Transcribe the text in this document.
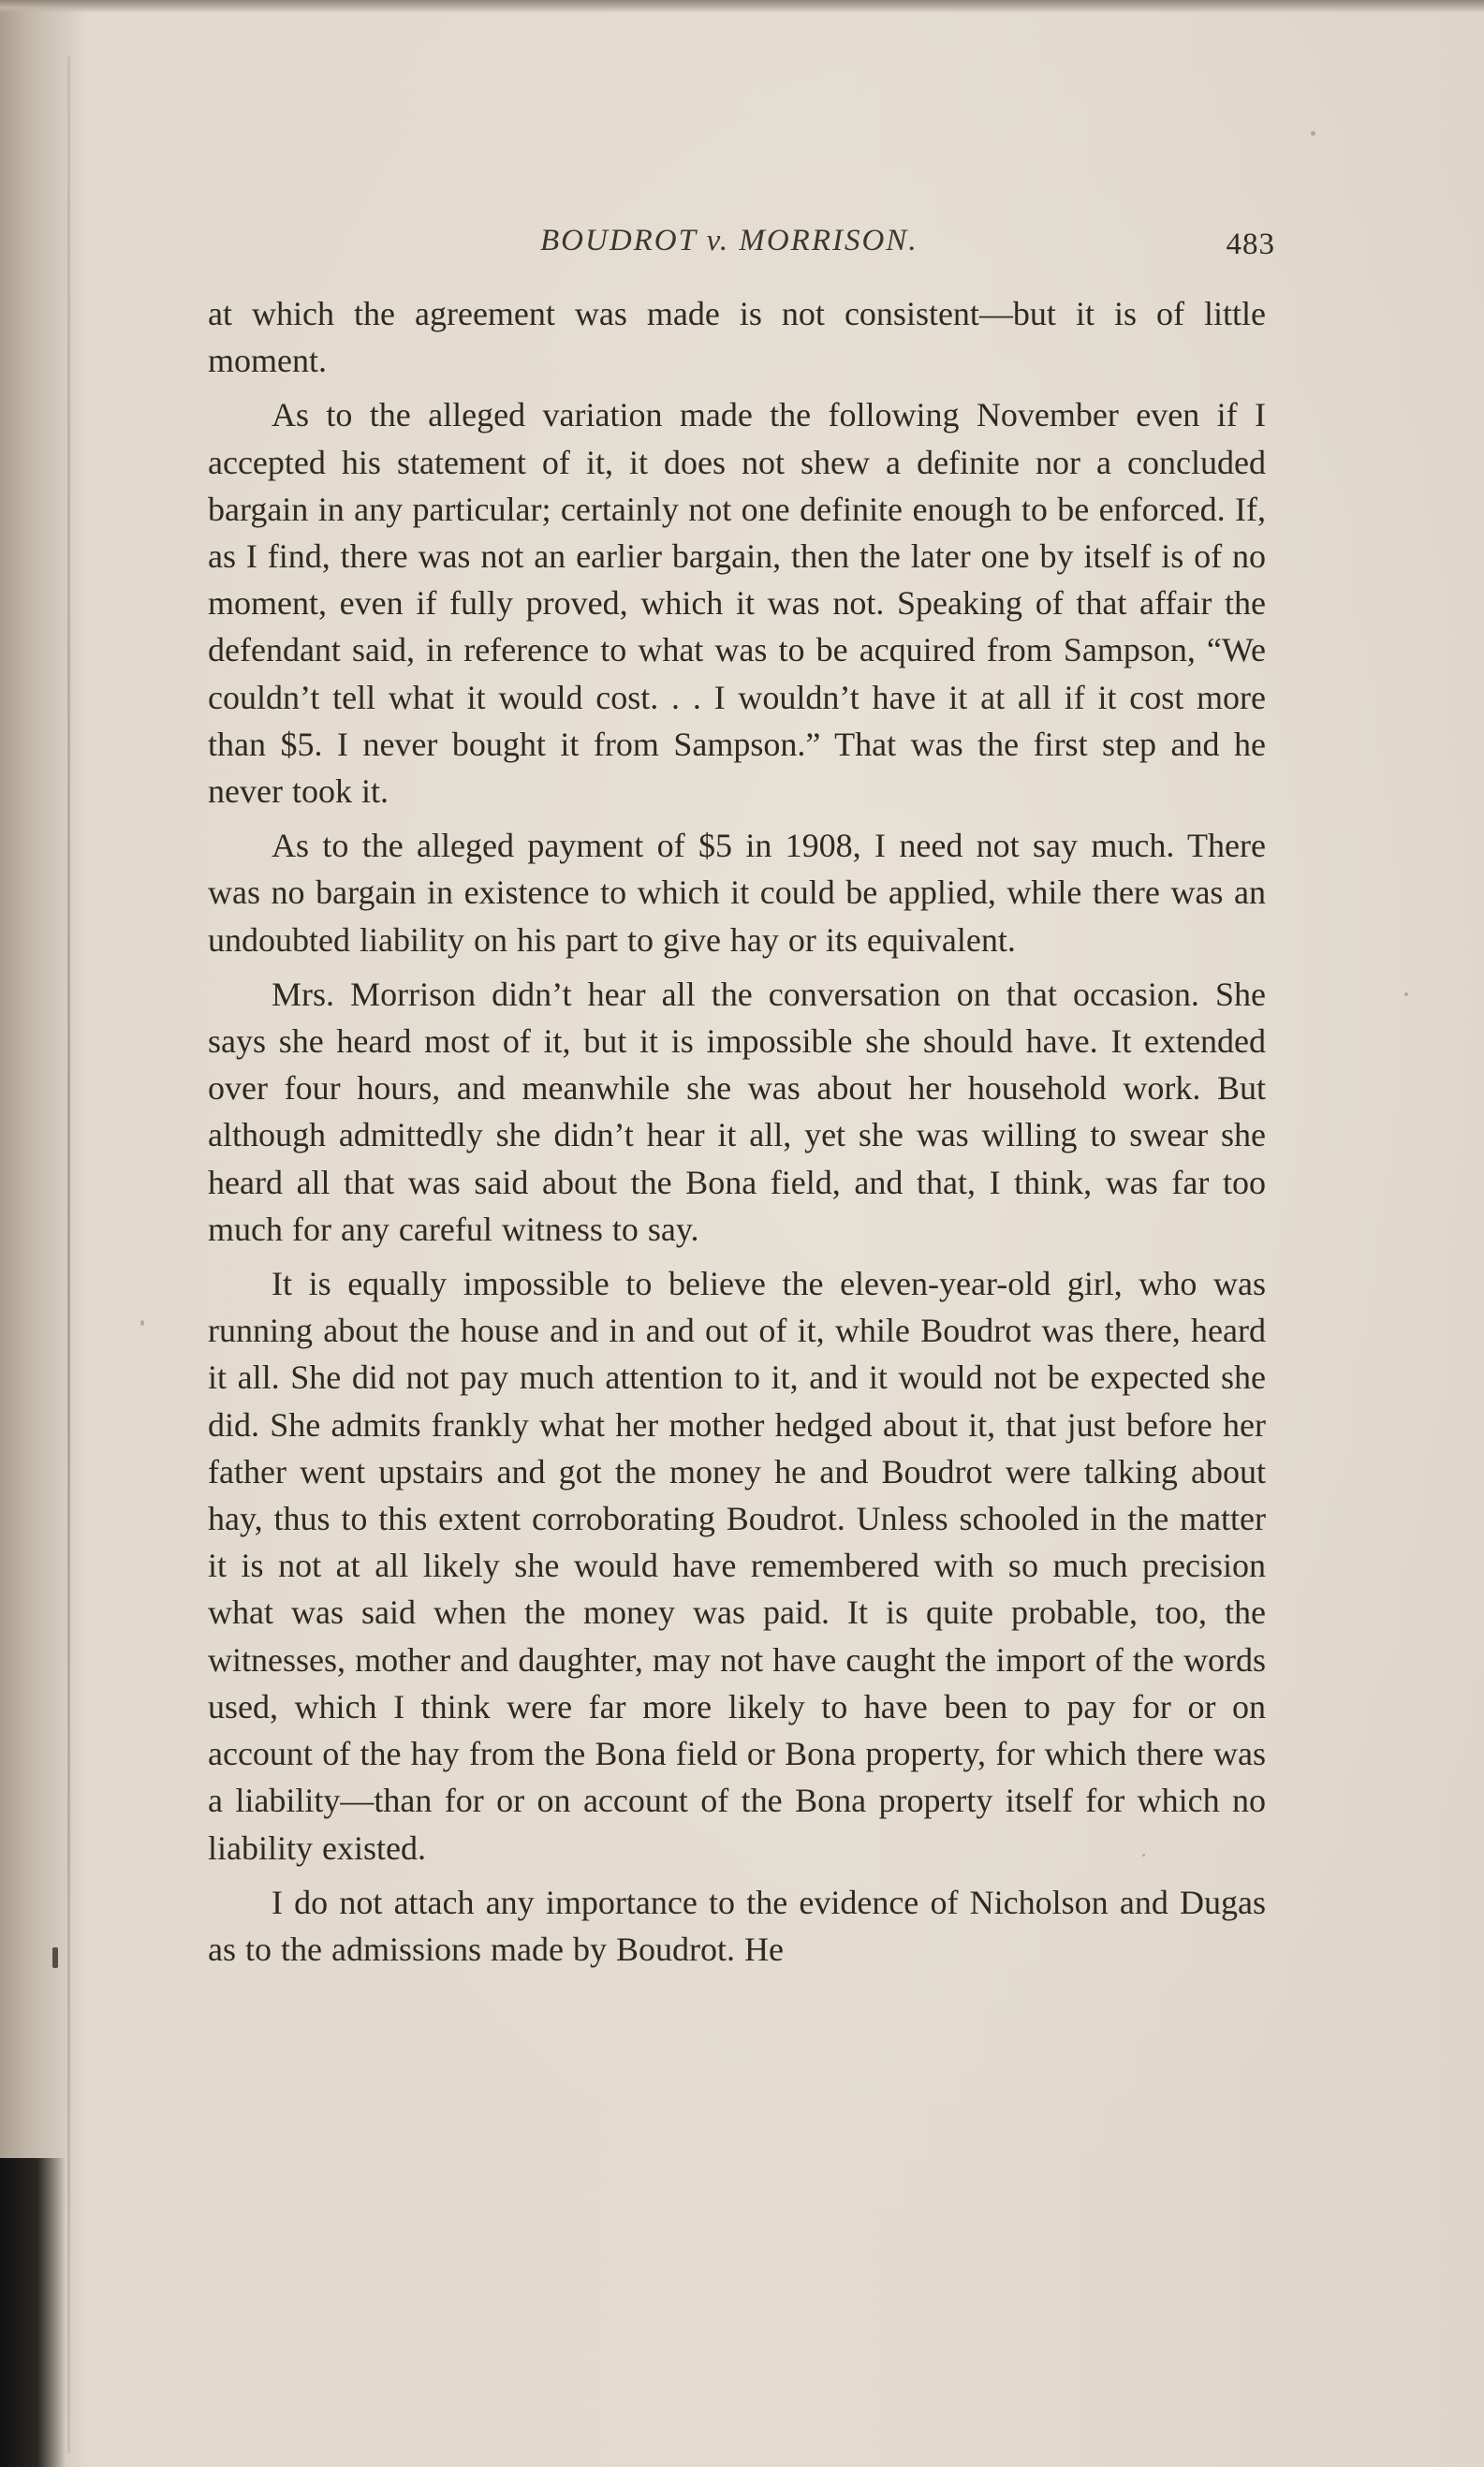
BOUDROT v. MORRISON.	483

at which the agreement was made is not consistent—but it is of little moment.

As to the alleged variation made the following November even if I accepted his statement of it, it does not shew a definite nor a concluded bargain in any particular; certainly not one definite enough to be enforced. If, as I find, there was not an earlier bargain, then the later one by itself is of no moment, even if fully proved, which it was not. Speaking of that affair the defendant said, in reference to what was to be acquired from Sampson, “We couldn’t tell what it would cost. . . I wouldn’t have it at all if it cost more than $5. I never bought it from Sampson.” That was the first step and he never took it.

As to the alleged payment of $5 in 1908, I need not say much. There was no bargain in existence to which it could be applied, while there was an undoubted liability on his part to give hay or its equivalent.

Mrs. Morrison didn’t hear all the conversation on that occasion. She says she heard most of it, but it is impossible she should have. It extended over four hours, and meanwhile she was about her household work. But although admittedly she didn’t hear it all, yet she was willing to swear she heard all that was said about the Bona field, and that, I think, was far too much for any careful witness to say.

It is equally impossible to believe the eleven-year-old girl, who was running about the house and in and out of it, while Boudrot was there, heard it all. She did not pay much attention to it, and it would not be expected she did. She admits frankly what her mother hedged about it, that just before her father went upstairs and got the money he and Boudrot were talking about hay, thus to this extent corroborating Boudrot. Unless schooled in the matter it is not at all likely she would have remembered with so much precision what was said when the money was paid. It is quite probable, too, the witnesses, mother and daughter, may not have caught the import of the words used, which I think were far more likely to have been to pay for or on account of the hay from the Bona field or Bona property, for which there was a liability—than for or on account of the Bona property itself for which no liability existed.

I do not attach any importance to the evidence of Nicholson and Dugas as to the admissions made by Boudrot. He
